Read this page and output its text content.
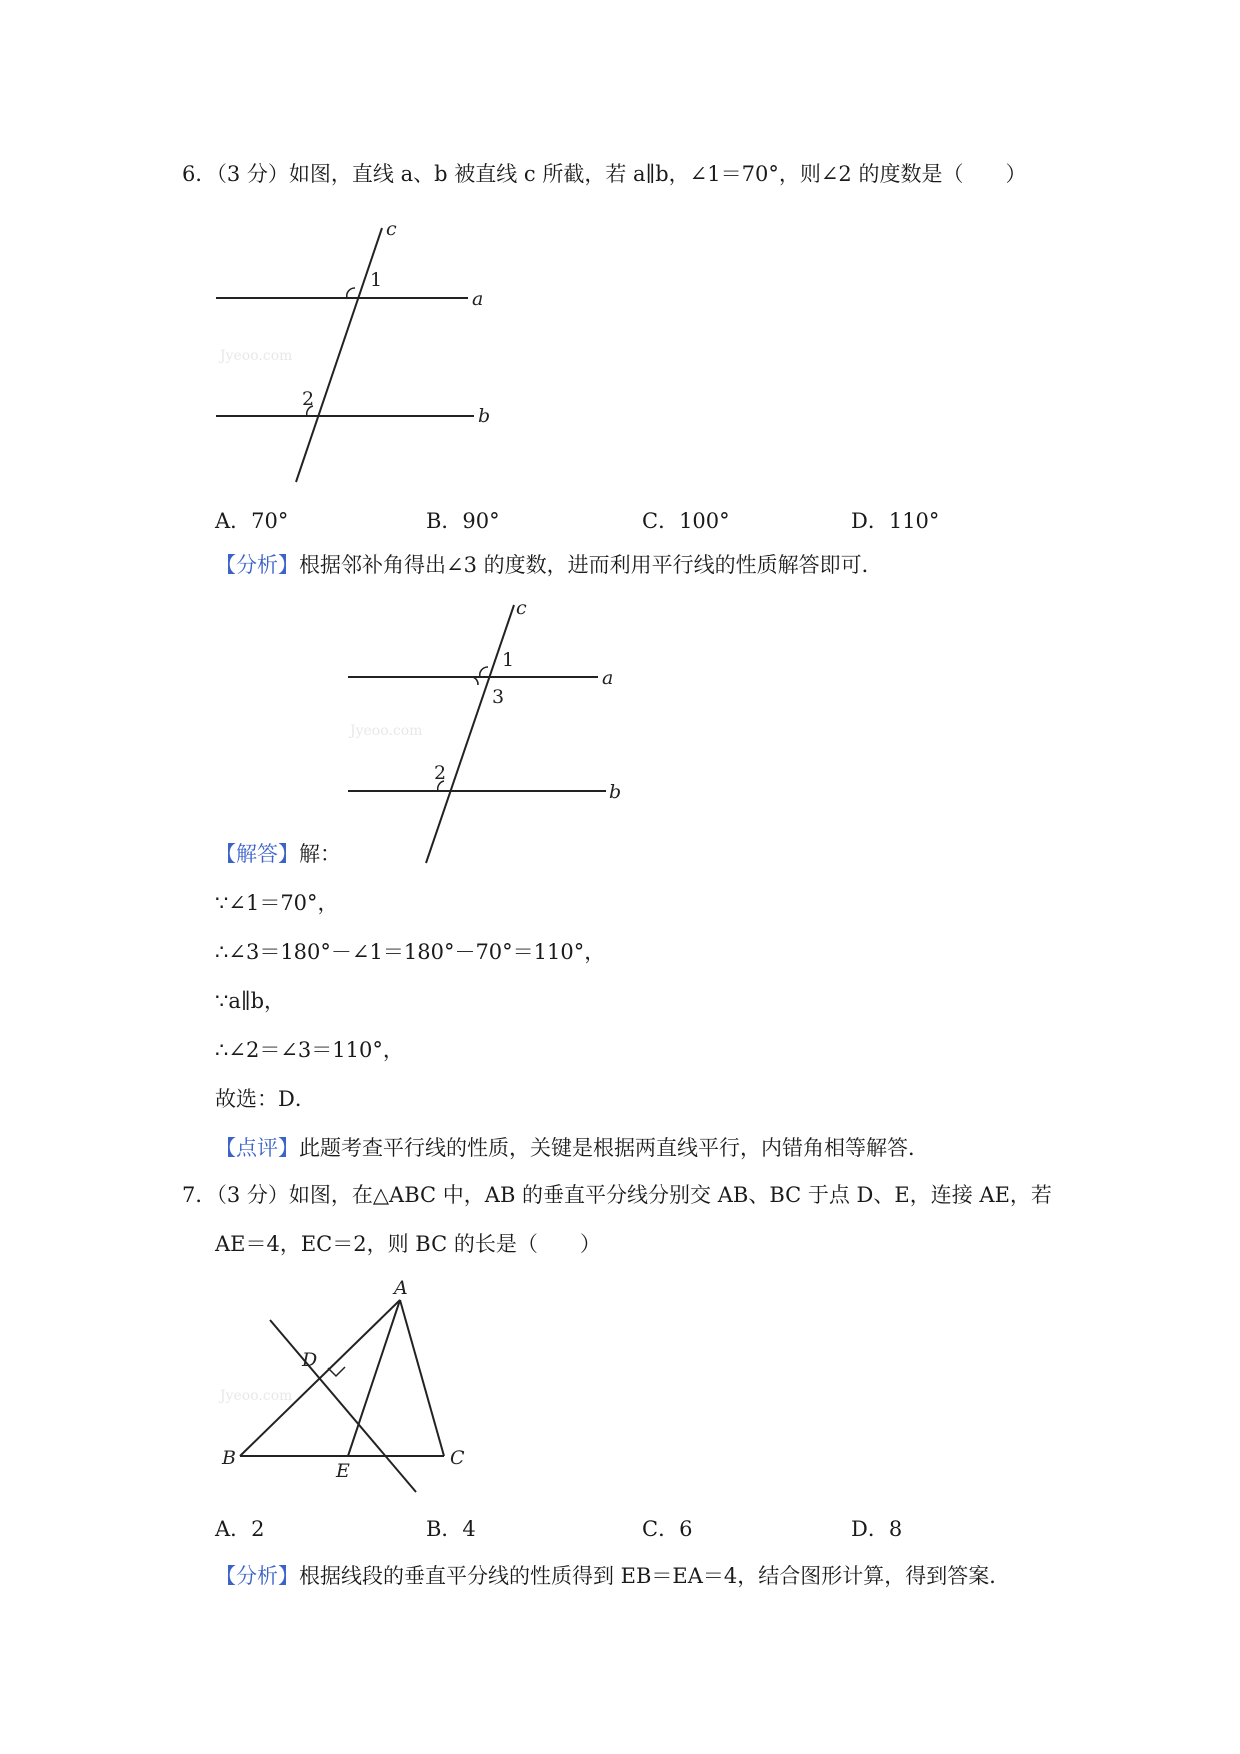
6．（3 分）如图，直线 a、b 被直线 c 所截，若 a∥b，∠1＝70°，则∠2 的度数是（　　）
c
1
a
2
b
Jyeoo.com
A．70°	B．90°	C．100°	D．110°
【分析】根据邻补角得出∠3 的度数，进而利用平行线的性质解答即可．
c
1
a
3
2
b
Jyeoo.com
【解答】解：
∵∠1＝70°，
∴∠3＝180°－∠1＝180°－70°＝110°，
∵a∥b，
∴∠2＝∠3＝110°，
故选：D．
【点评】此题考查平行线的性质，关键是根据两直线平行，内错角相等解答．
7．（3 分）如图，在△ABC 中，AB 的垂直平分线分别交 AB、BC 于点 D、E，连接 AE，若
AE＝4，EC＝2，则 BC 的长是（　　）
A
D
B	C
E
Jyeoo.com
A．2	B．4	C．6	D．8
【分析】根据线段的垂直平分线的性质得到 EB＝EA＝4，结合图形计算，得到答案．
